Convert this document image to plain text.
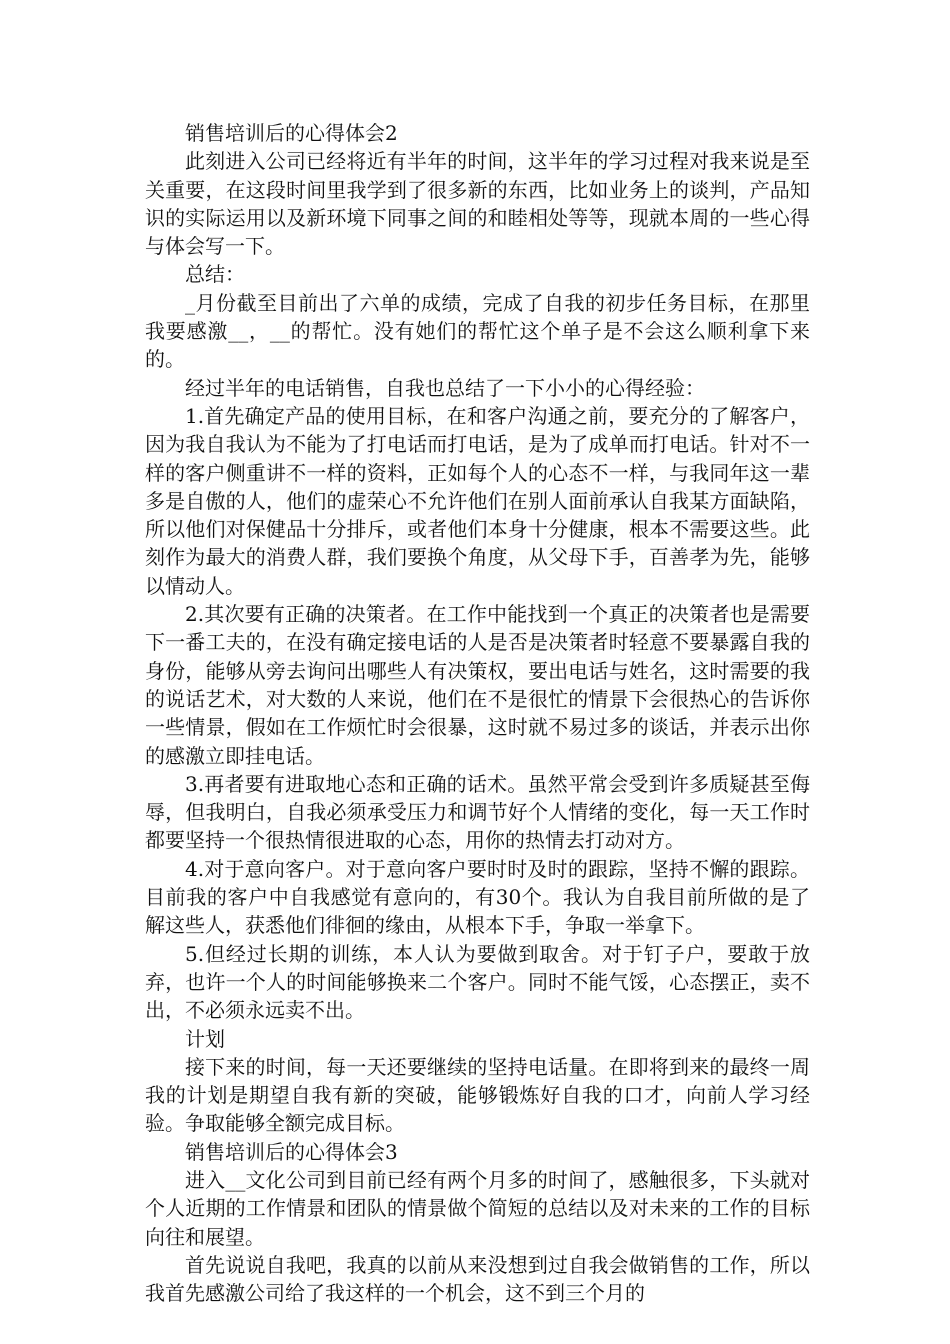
销售培训后的心得体会2

此刻进入公司已经将近有半年的时间，这半年的学习过程对我来说是至关重要，在这段时间里我学到了很多新的东西，比如业务上的谈判，产品知识的实际运用以及新环境下同事之间的和睦相处等等，现就本周的一些心得与体会写一下。

总结：

_月份截至目前出了六单的成绩，完成了自我的初步任务目标，在那里我要感激__，__的帮忙。没有她们的帮忙这个单子是不会这么顺利拿下来的。

经过半年的电话销售，自我也总结了一下小小的心得经验：

1.首先确定产品的使用目标，在和客户沟通之前，要充分的了解客户，因为我自我认为不能为了打电话而打电话，是为了成单而打电话。针对不一样的客户侧重讲不一样的资料，正如每个人的心态不一样，与我同年这一辈多是自傲的人，他们的虚荣心不允许他们在别人面前承认自我某方面缺陷，所以他们对保健品十分排斥，或者他们本身十分健康，根本不需要这些。此刻作为最大的消费人群，我们要换个角度，从父母下手，百善孝为先，能够以情动人。

2.其次要有正确的决策者。在工作中能找到一个真正的决策者也是需要下一番工夫的，在没有确定接电话的人是否是决策者时轻意不要暴露自我的身份，能够从旁去询问出哪些人有决策权，要出电话与姓名，这时需要的我的说话艺术，对大数的人来说，他们在不是很忙的情景下会很热心的告诉你一些情景，假如在工作烦忙时会很暴，这时就不易过多的谈话，并表示出你的感激立即挂电话。

3.再者要有进取地心态和正确的话术。虽然平常会受到许多质疑甚至侮辱，但我明白，自我必须承受压力和调节好个人情绪的变化，每一天工作时都要坚持一个很热情很进取的心态，用你的热情去打动对方。

4.对于意向客户。对于意向客户要时时及时的跟踪，坚持不懈的跟踪。目前我的客户中自我感觉有意向的，有30个。我认为自我目前所做的是了解这些人，获悉他们徘徊的缘由，从根本下手，争取一举拿下。

5.但经过长期的训练，本人认为要做到取舍。对于钉子户，要敢于放弃，也许一个人的时间能够换来二个客户。同时不能气馁，心态摆正，卖不出，不必须永远卖不出。

计划

接下来的时间，每一天还要继续的坚持电话量。在即将到来的最终一周我的计划是期望自我有新的突破，能够锻炼好自我的口才，向前人学习经验。争取能够全额完成目标。

销售培训后的心得体会3

进入__文化公司到目前已经有两个月多的时间了，感触很多，下头就对个人近期的工作情景和团队的情景做个简短的总结以及对未来的工作的目标向往和展望。

首先说说自我吧，我真的以前从来没想到过自我会做销售的工作，所以我首先感激公司给了我这样的一个机会，这不到三个月的
